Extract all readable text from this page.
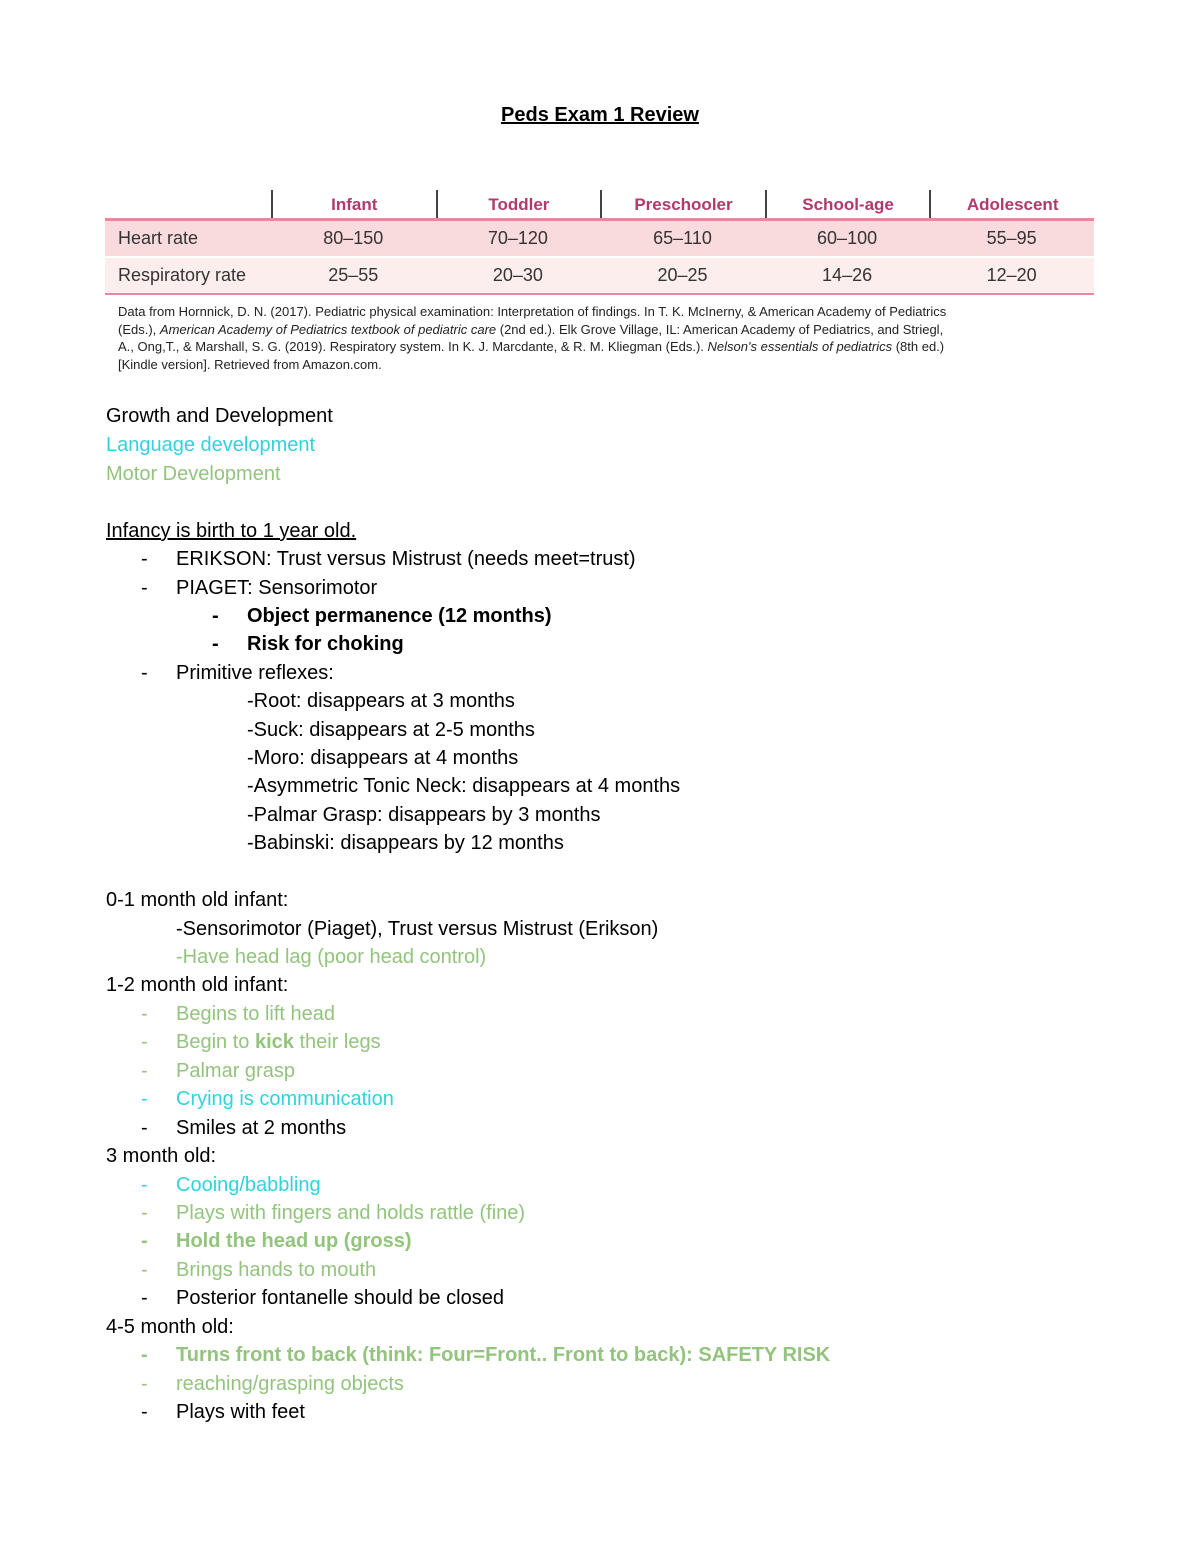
Peds Exam 1 Review
Infant	Toddler	Preschooler	School-age	Adolescent
Heart rate	80–150	70–120	65–110	60–100	55–95
Respiratory rate	25–55	20–30	20–25	14–26	12–20
Data from Hornnick, D. N. (2017). Pediatric physical examination: Interpretation of findings. In T. K. McInerny, & American Academy of Pediatrics (Eds.), American Academy of Pediatrics textbook of pediatric care (2nd ed.). Elk Grove Village, IL: American Academy of Pediatrics, and Striegl, A., Ong,T., & Marshall, S. G. (2019). Respiratory system. In K. J. Marcdante, & R. M. Kliegman (Eds.). Nelson's essentials of pediatrics (8th ed.) [Kindle version]. Retrieved from Amazon.com.
Growth and Development
Language development
Motor Development
Infancy is birth to 1 year old.
- ERIKSON: Trust versus Mistrust (needs meet=trust)
- PIAGET: Sensorimotor
- Object permanence (12 months)
- Risk for choking
- Primitive reflexes:
-Root: disappears at 3 months
-Suck: disappears at 2-5 months
-Moro: disappears at 4 months
-Asymmetric Tonic Neck: disappears at 4 months
-Palmar Grasp: disappears by 3 months
-Babinski: disappears by 12 months
0-1 month old infant:
-Sensorimotor (Piaget), Trust versus Mistrust (Erikson)
-Have head lag (poor head control)
1-2 month old infant:
- Begins to lift head
- Begin to kick their legs
- Palmar grasp
- Crying is communication
- Smiles at 2 months
3 month old:
- Cooing/babbling
- Plays with fingers and holds rattle (fine)
- Hold the head up (gross)
- Brings hands to mouth
- Posterior fontanelle should be closed
4-5 month old:
- Turns front to back (think: Four=Front.. Front to back): SAFETY RISK
- reaching/grasping objects
- Plays with feet
